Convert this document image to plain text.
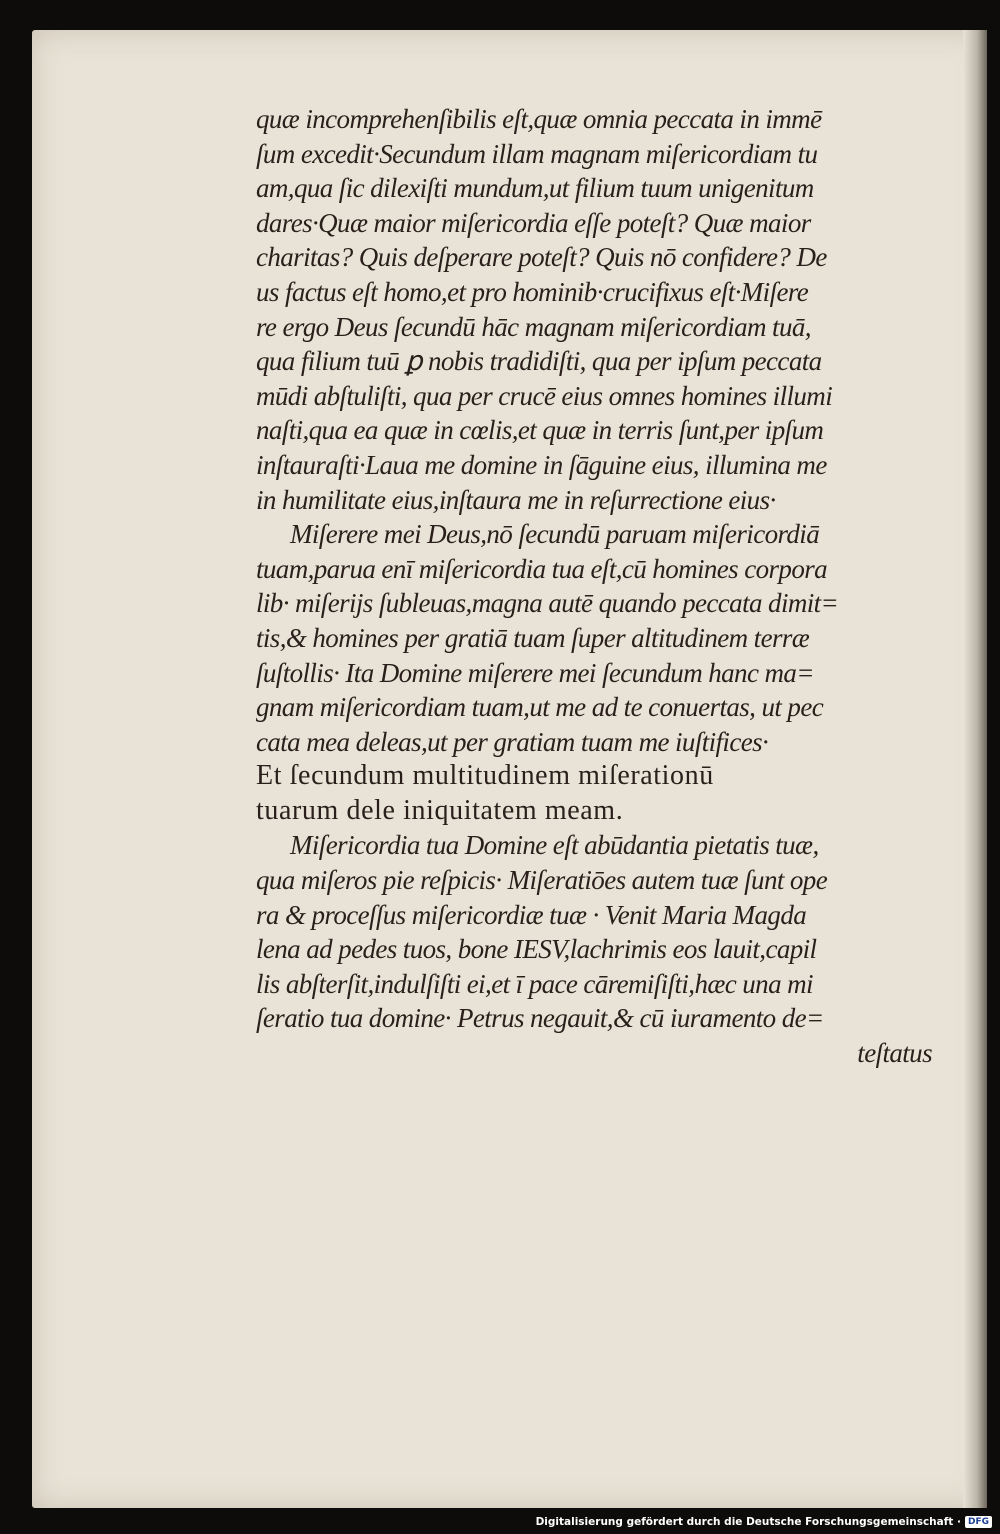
quæ incomprehenſibilis eſt,quæ omnia peccata in immē
ſum excedit·Secundum illam magnam miſericordiam tu
am,qua ſic dilexiſti mundum,ut filium tuum unigenitum
dares·Quæ maior miſericordia eſſe poteſt? Quæ maior
charitas? Quis deſperare poteſt? Quis nō confidere? De
us factus eſt homo,et pro hominib·crucifixus eſt·Miſere
re ergo Deus ſecundū hāc magnam miſericordiam tuā,
qua filium tuū ꝑ nobis tradidiſti, qua per ipſum peccata
mūdi abſtuliſti, qua per crucē eius omnes homines illumi
naſti,qua ea quæ in cœlis,et quæ in terris ſunt,per ipſum
inſtauraſti·Laua me domine in ſāguine eius, illumina me
in humilitate eius,inſtaura me in reſurrectione eius·
Miſerere mei Deus,nō ſecundū paruam miſericordiā
tuam,parua enī miſericordia tua eſt,cū homines corpora
lib· miſerijs ſubleuas,magna autē quando peccata dimit=
tis,& homines per gratiā tuam ſuper altitudinem terræ
ſuſtollis· Ita Domine miſerere mei ſecundum hanc ma=
gnam miſericordiam tuam,ut me ad te conuertas, ut pec
cata mea deleas,ut per gratiam tuam me iuſtifices·
Et ſecundum multitudinem miſerationū
tuarum dele iniquitatem meam.
Miſericordia tua Domine eſt abūdantia pietatis tuæ,
qua miſeros pie reſpicis· Miſeratiōes autem tuæ ſunt ope
ra & proceſſus miſericordiæ tuæ · Venit Maria Magda
lena ad pedes tuos, bone IESV,lachrimis eos lauit,capil
lis abſterſit,indulſiſti ei,et ī pace cāremiſiſti,hæc una mi
ſeratio tua domine· Petrus negauit,& cū iuramento de=
teſtatus
Digitalisierung gefördert durch die Deutsche Forschungsgemeinschaft · DFG
